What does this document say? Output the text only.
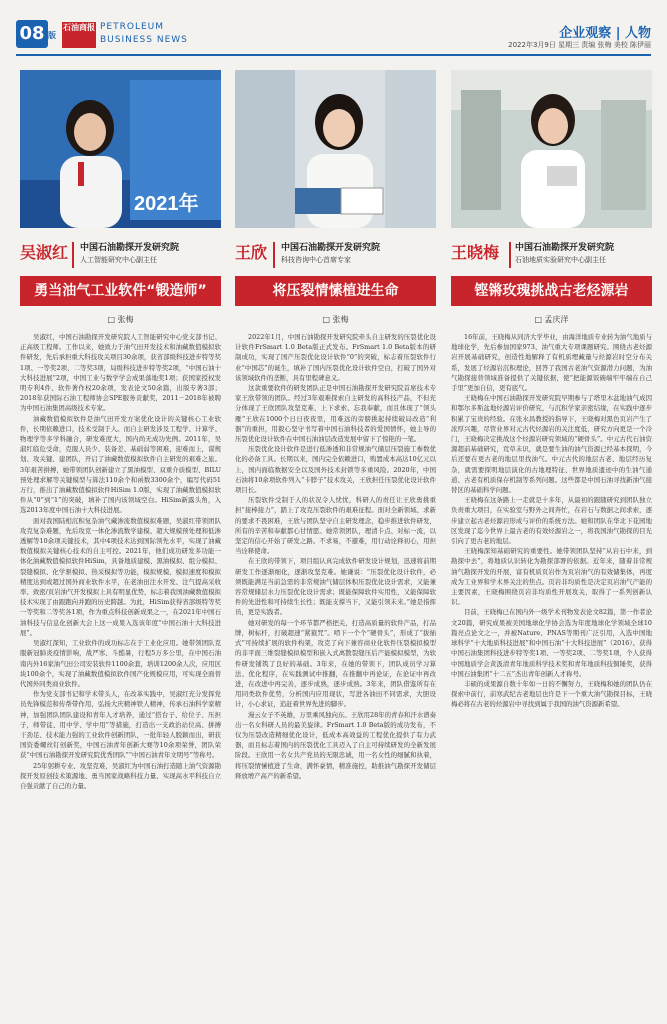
08 版
石油商报 PETROLEUM
BUSINESS NEWS	企业观察 | 人物
2022年3月9日 星期三 责编 张梅 美校 陈伊丽
2021年
吴淑红 中国石油勘探开发研究院
人工智能研究中心副主任
勇当油气工业软件“锻造师”
□ 张梅

吴淑红，中国石油勘探开发研究院人工智能研究中心党支部书记、正高级工程师。工作以来，她致力于油气田开发技术和油藏数值模拟软件研发，先后承担重大科技攻关项目30余项，获省部级科技进步特等奖1项、一等奖2项、二等奖3项，局级科技进步特等奖2项，“中国石油十大科技进展”2项，中国工业与数学学会成果落地奖1项；获国家授权发明专利4件、软件著作权20余项，发表论文50余篇，出版专著3部；2018年获国际石油工程师协会SPE服务贡献奖，2011－2018年被聘为中国石油集团高级技术专家。

油藏数值模拟软件是油气田开发方案优化设计的关键核心工业软件，长期依赖进口，技术受制于人。而自主研发涉及工程学、计算学、物理学等多学科融合，研发难度大，国内尚无成功先例。2011年，吴淑红临危受命，克服人员少、装备差、基础弱等困难，迎难而上，谋规划、攻关键、建团队，开启了油藏数值模拟软件自主研发的艰难之旅。3年艰苦拼搏，她带领团队创新建立了黑油模型、双重介质模型、BILU预处理求解等关键模型与算法110余个和函数3300余个，编写代码51万行，推出了油藏数值模拟软件HiSim 1.0版，实现了油藏数值模拟软件从“0”到“1”的突破，填补了国内该领域空白。HiSim新露头角，入选2013年度中国石油十大科技进展。

面对我国陆相沉积复杂油气藏渗流数值模拟难题，吴淑红带领团队攻克复杂难题，先后攻克一体化渗流数学建模、超大规模预处理和低渗透解等10余项关键技术，其中4项技术达到国际领先水平，实现了油藏数值模拟关键核心技术的自主可控。2021年，他们成功研发多功能一体化油藏数值模拟软件HiSim，具备地质建模、黑油模拟、组分模拟、裂缝模拟、化学驱模拟、热采模拟等功能，模拟规模、模拟速度和模拟精度达到或超过国外商业软件水平，在老油田注水开发、注气提高采收率、致密/页岩油气开发模拟上具有明显优势，标志着我国油藏数值模拟技术实现了由跟跑向并跑的历史跨越。为此，HiSim获得省部级特等奖一等奖和二等奖各1项，作为重点科技创新成果之一，在2021年中国石油科技与信息化创新大会上这一成果入选该年度“中国石油十大科技进展”。

吴淑红深知，工业软件的成功标志在于工业化应用。她带领团队克服新冠肺炎疫情影响，战严寒、斗酷暑，行程5万多公里，在中国石油南内外16家油气田公司安装软件1100余套，培训1200余人次，应用区块100余个，实现了油藏数值模拟软件国产化规模应用，可实现全面替代国外同类商业软件。

作为党支部书记和学术带头人，在改革实践中，吴淑红充分发挥党员先锋模范和传帮带作用，弘扬大庆精神铁人精神，传承石油科学家精神，加强团队团队建设和青年人才培养，通过“搭台子、给位子、压担子，师带徒、用中学、学中用”等措施，打造出一支政治站位高、拼搏干劲足、技术能力强的工业软件创新团队，一批年轻人脱颖而出，研获国资委螺丝钉创新奖，中国石油青年创新大赛等10余项荣誉，团队荣获“中国石油勘探开发研究院优秀团队”“中国石油青年文明号”等称号。

25年躬耕专业、攻坚克难，吴淑红为中国石油打造随上油气资源勘探开发原创技术策源地、勇当国家战略科技力量、实现高水平科技自立自强贡献了自己的力量。

王欣 中国石油勘探开发研究院
科技咨询中心首席专家
将压裂情愫植进生命
□ 张梅

2022年1月，中国石油勘探开发研究院牵头自主研发的压裂优化设计软件FrSmart 1.0 Beta版正式发布。FrSmart 1.0 Beta版本的研制成功，实现了国产压裂优化设计软件“0”的突破，标志着压裂软件行业“中国芯”的诞生，填补了国内压裂优化设计软件空白，打破了国外对该领域软件的垄断，具有里程碑意义。

这款重要软件的研发团队正是中国石油勘探开发研究院首席技术专家王欣带领的团队。经过3年艰难探索自主研发的高科技产品，不但充分体现了王欣团队攻坚克难、上下求索、忘我奉献，而且体现了“领头雁”王欣在1000个日日夜夜里，用难远的旁膀挑起持续破局改造“利器”的重担，用毅心坚守书写着中国石油科技者的爱国情怀，她主导的压裂优化设计软件在中国石油油层改造发展中留下了惊艳的一笔。

压裂优化设计软件是进行低渗透和非常规油气储层压裂施工参数优化的必备工具。长期以来，国内完全依赖进口，购置成本高达10亿元以上，国内面临数据安全以及国外技术封锁等多重风险。2020年，中国石油将10余项软件列入“卡脖子”技术攻关，王欣担任压裂优化设计软件项目长。

压裂软件受制于人的状况令人忧忧，科研人的责任让王欣勇挑重担“接棒接力”，踏上了攻克压裂软件的艰难征程。面对全新领域、求新的要求不畏困难，王欣与团队坚守自主研发理念，稳步推进软件研发，所有的辛苦和奉献都心甘情愿。她常领团队，理清卡点、对标一流，以坚定的信心开始了研发之路。不求易，不避难，用行动诠释初心，用担当诠释使命。

在王欣的带领下，项目组认真完成软件研发设计规划，迅速将前期研发工作逐渐细化，逐渐攻坚克难。她谦说：“压裂优化设计软件，必须既能满足当前急需的非常规油气储层体积压裂优化设计需求，又能兼容常规储层水力压裂优化设计需求；既能保障软件实用性，又能保障软件的先进性和可持续生长性；既能支撑当下，又能引领未来。”她是指挥员，更是实践者。

她对研发的每一个环节都严格把关，打造高质量的软件产品，打品牌，树标杆，打破超速“紧箍咒”。啃下一个个“硬骨头”，形成了“拔插式”可持续扩展的软件构架，攻克了向下兼容商业化软件压裂模拟模型的非平面三维裂缝模拟模型和嵌入式离散裂缝压后产能模拟模型，为软件研发铺筑了良好的基础。3年来，在她的带领下，团队成员学习算法、优化程序，在实践测试中推翻，在推翻中再论证，在论证中再改进，在改进中再完善，逐步成熟，逐步成熟。3年来，团队借鉴所有在用同类软件优势，分析国内应用现状，写进各油田不同需求，大胆设计，小心求证，追赶着世界先进的脚步。

漫云女子不英雄，万里乘风独向东。王欣用28年的青春和汗水谱奏出一名女科研人员的最美旋律。FrSmart 1.0 Beta版的成功发布，不仅为压裂改造精细优化设计，低成本高效益的工程优化提供了有力武器，而且标志着国内的压裂优化工具迈入了自主可持续研发的全新发展阶段。王欣用一名女共产党员的无限忠诚，用一名女性的细腻和执着，将压裂情愫植进了生命，满怀豪情，精准施控，助推油气勘探开发储层释放增产高产的新希望。

王晓梅 中国石油勘探开发研究院
石油地质实验研究中心副主任
铿锵玫瑰挑战古老烃源岩
□ 孟庆洋

16年前，王晓梅从同济大学毕业，由海洋地质专业转为油气地质与地球化学，先后参加国家973、油气重大专项课题研究。围绕古老烃源岩开展基础研究，创造性地解释了有机质埋藏量与烃源岩时空分布关系，发展了烃源岩沉积理论，回答了我国古老油气资源潜力问题，为油气勘探接替领域准备提供了关键依据，使“把能源饭碗端牢牢端在自己手里”更加自信，更有底气。

王晓梅在中国石油勘探开发研究院早期参与了塔里木盆地油气成因和鄂尔多斯盆地烃源岩评价研究，与沉积学家亲密结缘，在实践中逐步积累了宝贵的经验。在张水昌教授的指导下，王晓梅对黑色页岩产生了浓厚兴趣，尽管业界对元古代烃源岩的关注度低，研究方向更是一个冷门，王晓梅决定挑战这个烃源岩研究领域的“硬骨头”。中元古代石油资源超前基础研究，荒草未识，就是要生油的油气资源已经基本探明，今后还要在更古老的地层里找油气。中元古代的地层古老、地层经历复杂，就需要探明地层演化的古地理特征、世界地质遗迹中的生油气通道、古老有机质保存机制等系列问题。这些都是中国石油寻找新油气接替区的基础科学问题。

王晓梅在这条路上一走就是十多年，从最初的跟随研究到团队独立负责重大项目，在实验室与野外之间奔忙，在岩石与数据之间求索，逐步建立起古老烃源岩形成与评价的系统方法。她和团队在华北下花园地区发现了迄今世界上最古老的有效烃源岩之一，将我国油气勘探的目光引向了更古老的地层。

王晓梅深知基础研究的重要性。她带领团队坚持“从岩石中来，到勘探中去”，将地质认识转化为勘探部署的依据。近年来，随着非常规油气勘探开发的开展，富有机质页岩作为页岩油气的有效储集体，再度成为工业界和学术界关注的焦点。页岩非均质性是决定页岩油气产能的主要因素，王晓梅围绕页岩非均质性开展攻关，取得了一系列创新认识。

目前，王晓梅已在国内外一级学术刊物发表论文82篇，第一作者论文20篇，研究成果被美国地球化学协会选为年度地球化学领域全球10篇亮点论文之一，并被Nature、PNAS等期刊广泛引用，入选中国地球科学“十大地质科技进展”和中国石油“十大科技进展”（2016）。获得中国石油集团科技进步特等奖1项、一等奖2项、二等奖1项，个人获得中国地质学会黄汲清青年地质科学技术奖和青年地质科技铜锤奖，获得中国石油集团“十二五”杰出青年创新人才称号。

丰硕的成果源自数十年如一日的不懈努力，王晓梅和她的团队仍在探索中前行，前寒武纪古老地层也许是下一个重大油气勘探目标，王晓梅必将在古老的烃源岩中寻找到属于我国的油气资源新希望。
